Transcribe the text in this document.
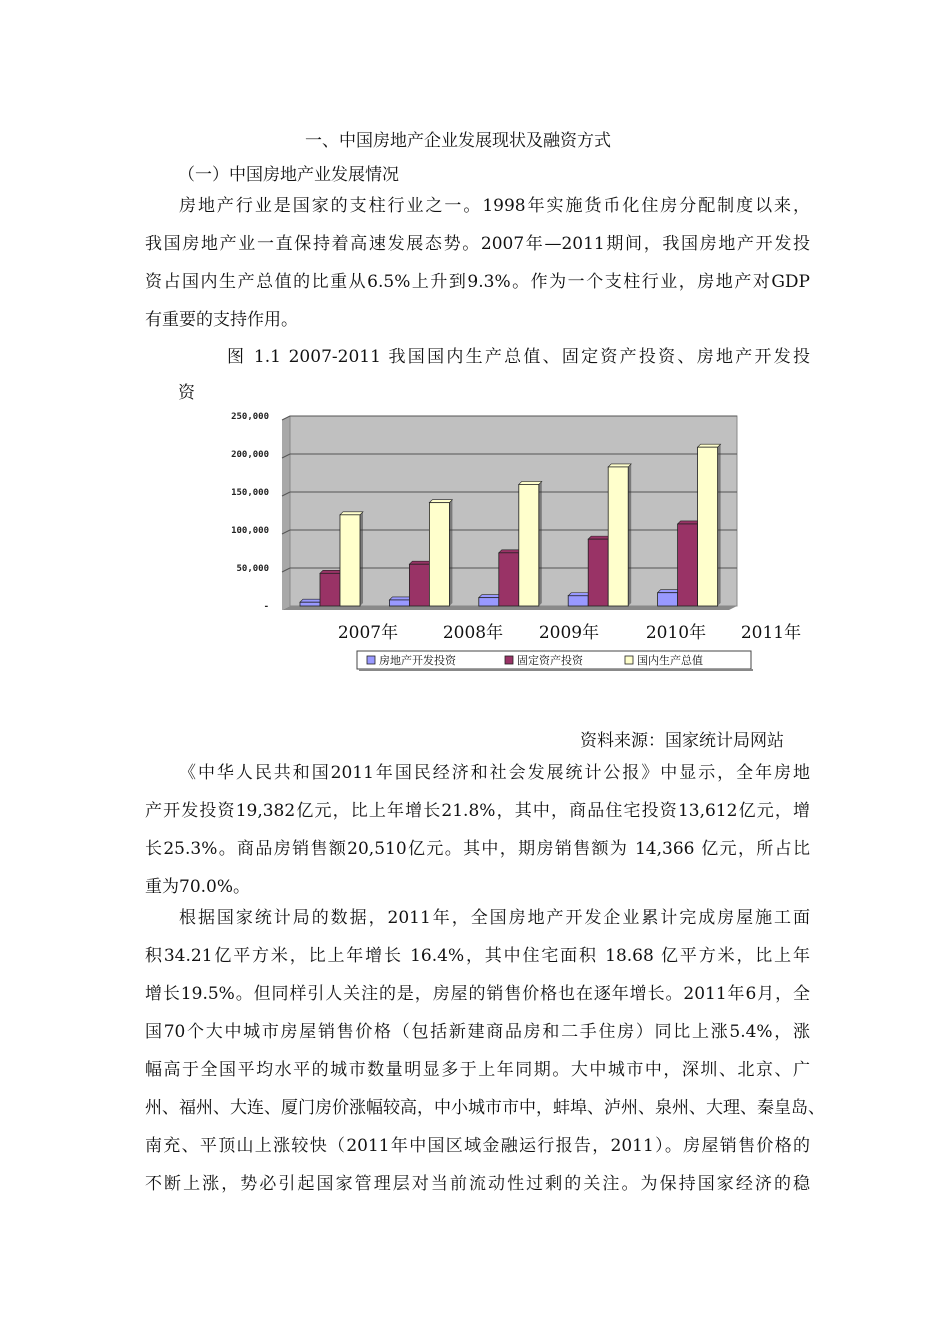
一、中国房地产企业发展现状及融资方式
（一）中国房地产业发展情况
房地产行业是国家的支柱行业之一。1998年实施货币化住房分配制度以来，
我国房地产业一直保持着高速发展态势。2007年—2011期间，我国房地产开发投
资占国内生产总值的比重从6.5%上升到9.3%。作为一个支柱行业，房地产对GDP
有重要的支持作用。
图 1.1 2007-2011 我国国内生产总值、固定资产投资、房地产开发投
资
250,000
200,000
150,000
100,000
50,000
-
2007年	2008年 2009年	2010年 2011年
房地产开发投资	固定资产投资	国内生产总值
资料来源：国家统计局网站
《中华人民共和国2011年国民经济和社会发展统计公报》中显示，全年房地
产开发投资19,382亿元，比上年增长21.8%，其中，商品住宅投资13,612亿元，增
长25.3%。商品房销售额20,510亿元。其中，期房销售额为 14,366 亿元，所占比
重为70.0%。
根据国家统计局的数据，2011年，全国房地产开发企业累计完成房屋施工面
积34.21亿平方米，比上年增长 16.4%，其中住宅面积 18.68 亿平方米，比上年
增长19.5%。但同样引人关注的是，房屋的销售价格也在逐年增长。2011年6月，全
国70个大中城市房屋销售价格（包括新建商品房和二手住房）同比上涨5.4%，涨
幅高于全国平均水平的城市数量明显多于上年同期。大中城市中，深圳、北京、广
州、福州、大连、厦门房价涨幅较高，中小城市市中，蚌埠、泸州、泉州、大理、秦皇岛、
南充、平顶山上涨较快（2011年中国区域金融运行报告，2011）。房屋销售价格的
不断上涨，势必引起国家管理层对当前流动性过剩的关注。为保持国家经济的稳
